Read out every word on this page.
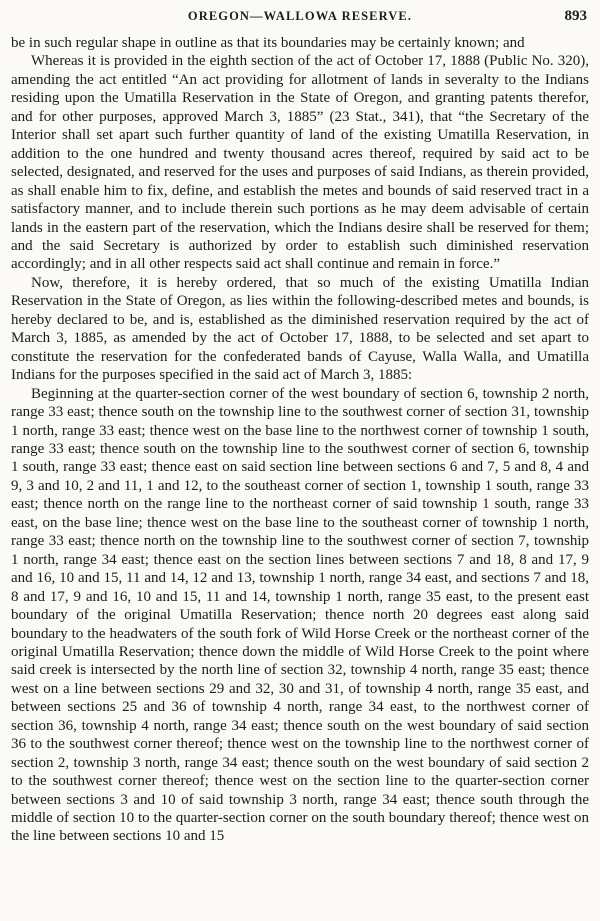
OREGON—WALLOWA RESERVE.	893

be in such regular shape in outline as that its boundaries may be certainly known; and

Whereas it is provided in the eighth section of the act of October 17, 1888 (Public No. 320), amending the act entitled “An act providing for allotment of lands in severalty to the Indians residing upon the Umatilla Reservation in the State of Oregon, and granting patents therefor, and for other purposes, approved March 3, 1885” (23 Stat., 341), that “the Secretary of the Interior shall set apart such further quantity of land of the existing Umatilla Reservation, in addition to the one hundred and twenty thousand acres thereof, required by said act to be selected, designated, and reserved for the uses and purposes of said Indians, as therein provided, as shall enable him to fix, define, and establish the metes and bounds of said reserved tract in a satisfactory manner, and to include therein such portions as he may deem advisable of certain lands in the eastern part of the reservation, which the Indians desire shall be reserved for them; and the said Secretary is authorized by order to establish such diminished reservation accordingly; and in all other respects said act shall continue and remain in force.”

Now, therefore, it is hereby ordered, that so much of the existing Umatilla Indian Reservation in the State of Oregon, as lies within the following-described metes and bounds, is hereby declared to be, and is, established as the diminished reservation required by the act of March 3, 1885, as amended by the act of October 17, 1888, to be selected and set apart to constitute the reservation for the confederated bands of Cayuse, Walla Walla, and Umatilla Indians for the purposes specified in the said act of March 3, 1885:

Beginning at the quarter-section corner of the west boundary of section 6, township 2 north, range 33 east; thence south on the township line to the southwest corner of section 31, township 1 north, range 33 east; thence west on the base line to the northwest corner of township 1 south, range 33 east; thence south on the township line to the southwest corner of section 6, township 1 south, range 33 east; thence east on said section line between sections 6 and 7, 5 and 8, 4 and 9, 3 and 10, 2 and 11, 1 and 12, to the southeast corner of section 1, township 1 south, range 33 east; thence north on the range line to the northeast corner of said township 1 south, range 33 east, on the base line; thence west on the base line to the southeast corner of township 1 north, range 33 east; thence north on the township line to the southwest corner of section 7, township 1 north, range 34 east; thence east on the section lines between sections 7 and 18, 8 and 17, 9 and 16, 10 and 15, 11 and 14, 12 and 13, township 1 north, range 34 east, and sections 7 and 18, 8 and 17, 9 and 16, 10 and 15, 11 and 14, township 1 north, range 35 east, to the present east boundary of the original Umatilla Reservation; thence north 20 degrees east along said boundary to the headwaters of the south fork of Wild Horse Creek or the northeast corner of the original Umatilla Reservation; thence down the middle of Wild Horse Creek to the point where said creek is intersected by the north line of section 32, township 4 north, range 35 east; thence west on a line between sections 29 and 32, 30 and 31, of township 4 north, range 35 east, and between sections 25 and 36 of township 4 north, range 34 east, to the northwest corner of section 36, township 4 north, range 34 east; thence south on the west boundary of said section 36 to the southwest corner thereof; thence west on the township line to the northwest corner of section 2, township 3 north, range 34 east; thence south on the west boundary of said section 2 to the southwest corner thereof; thence west on the section line to the quarter-section corner between sections 3 and 10 of said township 3 north, range 34 east; thence south through the middle of section 10 to the quarter-section corner on the south boundary thereof; thence west on the line between sections 10 and 15
